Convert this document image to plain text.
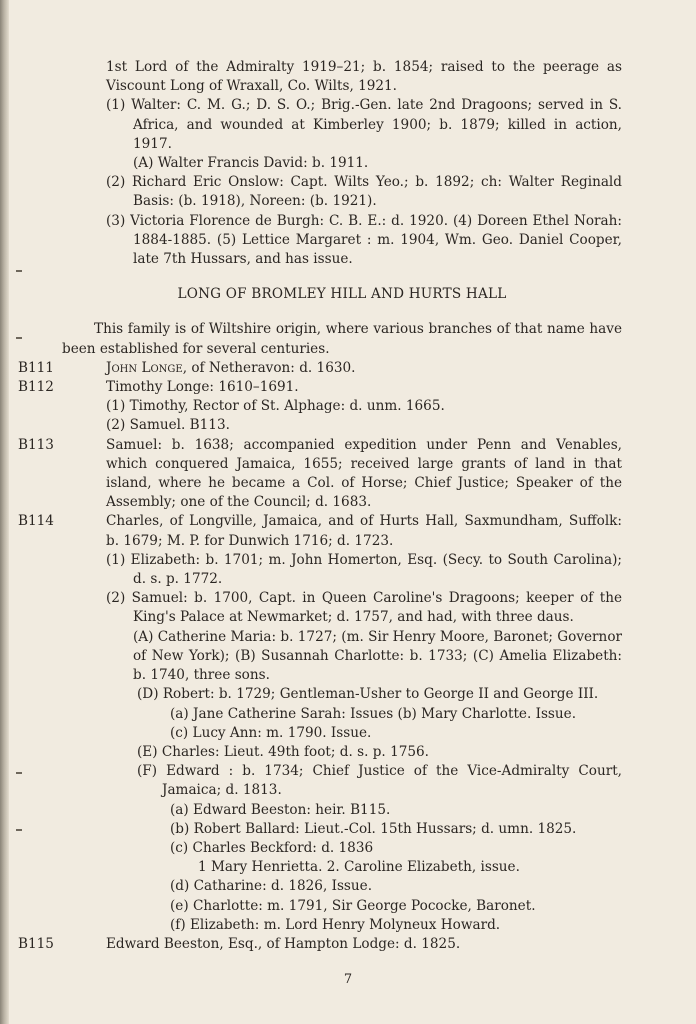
1st Lord of the Admiralty 1919–21; b. 1854; raised to the peerage as Viscount Long of Wraxall, Co. Wilts, 1921.

(1) Walter: C. M. G.; D. S. O.; Brig.-Gen. late 2nd Dragoons; served in S. Africa, and wounded at Kimberley 1900; b. 1879; killed in action, 1917.

(A) Walter Francis David: b. 1911.

(2) Richard Eric Onslow: Capt. Wilts Yeo.; b. 1892; ch: Walter Reginald Basis: (b. 1918), Noreen: (b. 1921).

(3) Victoria Florence de Burgh: C. B. E.: d. 1920. (4) Doreen Ethel Norah: 1884-1885. (5) Lettice Margaret : m. 1904, Wm. Geo. Daniel Cooper, late 7th Hussars, and has issue.

LONG OF BROMLEY HILL AND HURTS HALL

This family is of Wiltshire origin, where various branches of that name have been established for several centuries.

B111	John Longe, of Netheravon: d. 1630.

B112	Timothy Longe: 1610–1691.

(1) Timothy, Rector of St. Alphage: d. unm. 1665.

(2) Samuel. B113.

B113	Samuel: b. 1638; accompanied expedition under Penn and Venables, which conquered Jamaica, 1655; received large grants of land in that island, where he became a Col. of Horse; Chief Justice; Speaker of the Assembly; one of the Council; d. 1683.

B114	Charles, of Longville, Jamaica, and of Hurts Hall, Saxmundham, Suffolk: b. 1679; M. P. for Dunwich 1716; d. 1723.

(1) Elizabeth: b. 1701; m. John Homerton, Esq. (Secy. to South Carolina); d. s. p. 1772.

(2) Samuel: b. 1700, Capt. in Queen Caroline's Dragoons; keeper of the King's Palace at Newmarket; d. 1757, and had, with three daus.

(A) Catherine Maria: b. 1727; (m. Sir Henry Moore, Baronet; Governor of New York); (B) Susannah Charlotte: b. 1733; (C) Amelia Elizabeth: b. 1740, three sons.

(D) Robert: b. 1729; Gentleman-Usher to George II and George III.

(a) Jane Catherine Sarah: Issues (b) Mary Charlotte. Issue.

(c) Lucy Ann: m. 1790. Issue.

(E) Charles: Lieut. 49th foot; d. s. p. 1756.

(F) Edward : b. 1734; Chief Justice of the Vice-Admiralty Court, Jamaica; d. 1813.

(a) Edward Beeston: heir. B115.

(b) Robert Ballard: Lieut.-Col. 15th Hussars; d. umn. 1825.

(c) Charles Beckford: d. 1836

1 Mary Henrietta. 2. Caroline Elizabeth, issue.

(d) Catharine: d. 1826, Issue.

(e) Charlotte: m. 1791, Sir George Pococke, Baronet.

(f) Elizabeth: m. Lord Henry Molyneux Howard.

B115	Edward Beeston, Esq., of Hampton Lodge: d. 1825.

7
